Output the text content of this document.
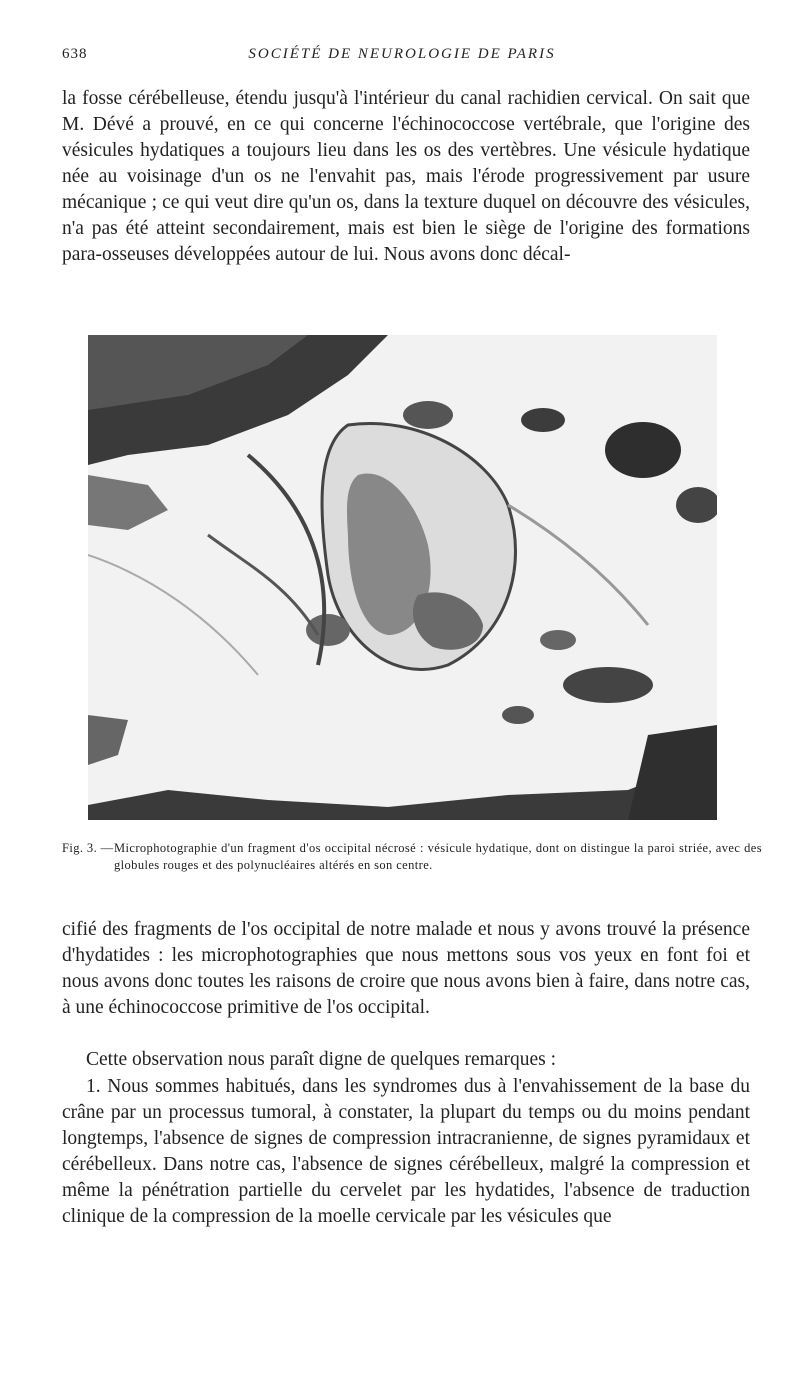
638	SOCIÉTÉ DE NEUROLOGIE DE PARIS

la fosse cérébelleuse, étendu jusqu'à l'intérieur du canal rachidien cervical. On sait que M. Dévé a prouvé, en ce qui concerne l'échinococcose vertébrale, que l'origine des vésicules hydatiques a toujours lieu dans les os des vertèbres. Une vésicule hydatique née au voisinage d'un os ne l'envahit pas, mais l'érode progressivement par usure mécanique ; ce qui veut dire qu'un os, dans la texture duquel on découvre des vésicules, n'a pas été atteint secondairement, mais est bien le siège de l'origine des formations para-osseuses développées autour de lui. Nous avons donc décal-

Fig. 3. — Microphotographie d'un fragment d'os occipital nécrosé : vésicule hydatique, dont on distingue la paroi striée, avec des globules rouges et des polynucléaires altérés en son centre.

cifié des fragments de l'os occipital de notre malade et nous y avons trouvé la présence d'hydatides : les microphotographies que nous mettons sous vos yeux en font foi et nous avons donc toutes les raisons de croire que nous avons bien à faire, dans notre cas, à une échinococcose primitive de l'os occipital.

Cette observation nous paraît digne de quelques remarques :

1. Nous sommes habitués, dans les syndromes dus à l'envahissement de la base du crâne par un processus tumoral, à constater, la plupart du temps ou du moins pendant longtemps, l'absence de signes de compression intracranienne, de signes pyramidaux et cérébelleux. Dans notre cas, l'absence de signes cérébelleux, malgré la compression et même la pénétration partielle du cervelet par les hydatides, l'absence de traduction clinique de la compression de la moelle cervicale par les vésicules que
